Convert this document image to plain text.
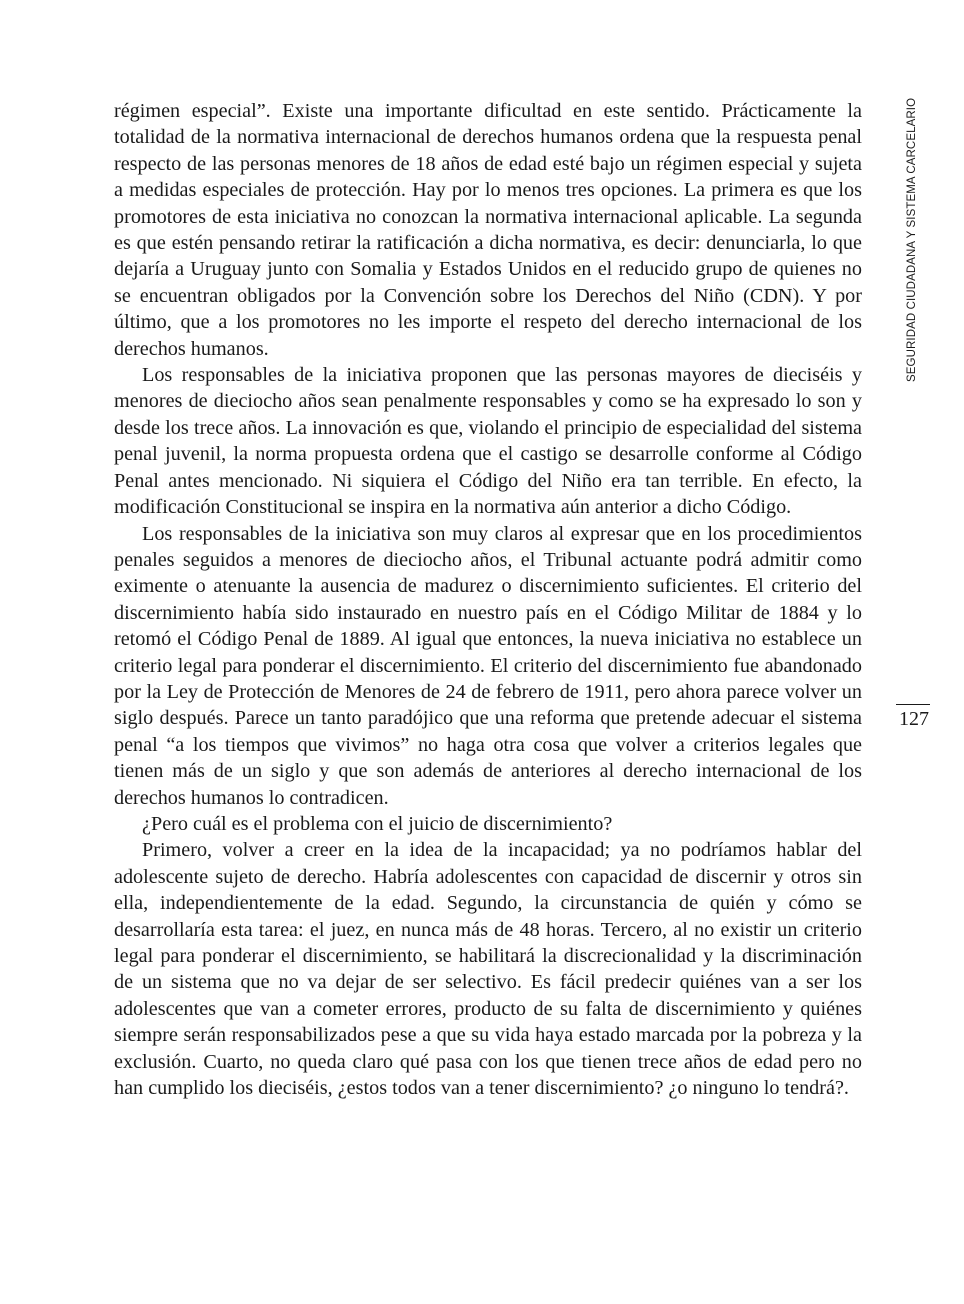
régimen especial”. Existe una importante dificultad en este sentido. Prácticamente la totalidad de la normativa internacional de derechos humanos ordena que la respuesta penal respecto de las personas menores de 18 años de edad esté bajo un régimen especial y sujeta a medidas especiales de protección. Hay por lo menos tres opciones. La primera es que los promotores de esta iniciativa no conozcan la normativa internacional aplicable. La segunda es que estén pensando retirar la ratificación a dicha normativa, es decir: denunciarla, lo que dejaría a Uruguay junto con Somalia y Estados Unidos en el reducido grupo de quienes no se encuentran obligados por la Convención sobre los Derechos del Niño (CDN). Y por último, que a los promotores no les importe el respeto del derecho internacional de los derechos humanos.

Los responsables de la iniciativa proponen que las personas mayores de dieciséis y menores de dieciocho años sean penalmente responsables y como se ha expresado lo son y desde los trece años. La innovación es que, violando el principio de especialidad del sistema penal juvenil, la norma propuesta ordena que el castigo se desarrolle conforme al Código Penal antes mencionado. Ni siquiera el Código del Niño era tan terrible. En efecto, la modificación Constitucional se inspira en la normativa aún anterior a dicho Código.

Los responsables de la iniciativa son muy claros al expresar que en los procedimientos penales seguidos a menores de dieciocho años, el Tribunal actuante podrá admitir como eximente o atenuante la ausencia de madurez o discernimiento suficientes. El criterio del discernimiento había sido instaurado en nuestro país en el Código Militar de 1884 y lo retomó el Código Penal de 1889. Al igual que entonces, la nueva iniciativa no establece un criterio legal para ponderar el discernimiento. El criterio del discernimiento fue abandonado por la Ley de Protección de Menores de 24 de febrero de 1911, pero ahora parece volver un siglo después. Parece un tanto paradójico que una reforma que pretende adecuar el sistema penal “a los tiempos que vivimos” no haga otra cosa que volver a criterios legales que tienen más de un siglo y que son además de anteriores al derecho internacional de los derechos humanos lo contradicen.

¿Pero cuál es el problema con el juicio de discernimiento?

Primero, volver a creer en la idea de la incapacidad; ya no podríamos hablar del adolescente sujeto de derecho. Habría adolescentes con capacidad de discernir y otros sin ella, independientemente de la edad. Segundo, la circunstancia de quién y cómo se desarrollaría esta tarea: el juez, en nunca más de 48 horas. Tercero, al no existir un criterio legal para ponderar el discernimiento, se habilitará la discrecionalidad y la discriminación de un sistema que no va dejar de ser selectivo. Es fácil predecir quiénes van a ser los adolescentes que van a cometer errores, producto de su falta de discernimiento y quiénes siempre serán responsabilizados pese a que su vida haya estado marcada por la pobreza y la exclusión. Cuarto, no queda claro qué pasa con los que tienen trece años de edad pero no han cumplido los dieciséis, ¿estos todos van a tener discernimiento? ¿o ninguno lo tendrá?.

SEGURIDAD CIUDADANA Y SISTEMA CARCELARIO
127
